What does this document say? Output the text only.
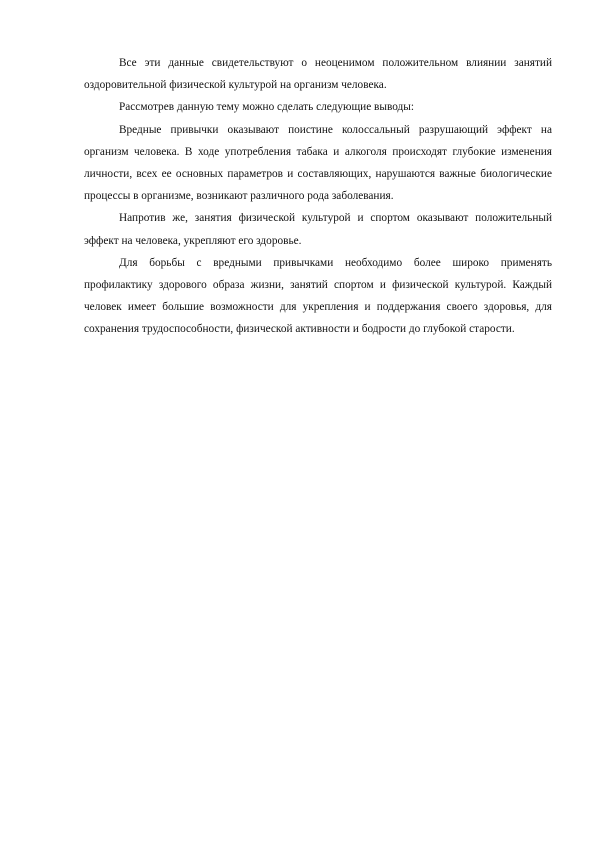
Все эти данные свидетельствуют о неоценимом положительном влиянии занятий оздоровительной физической культурой на организм человека.

Рассмотрев данную тему можно сделать следующие выводы:

Вредные привычки оказывают поистине колоссальный разрушающий эффект на организм человека. В ходе употребления табака и алкоголя происходят глубокие изменения личности, всех ее основных параметров и составляющих, нарушаются важные биологические процессы в организме, возникают различного рода заболевания.

Напротив же, занятия физической культурой и спортом оказывают положительный эффект на человека, укрепляют его здоровье.

Для борьбы с вредными привычками необходимо более широко применять профилактику здорового образа жизни, занятий спортом и физической культурой. Каждый человек имеет большие возможности для укрепления и поддержания своего здоровья, для сохранения трудоспособности, физической активности и бодрости до глубокой старости.
